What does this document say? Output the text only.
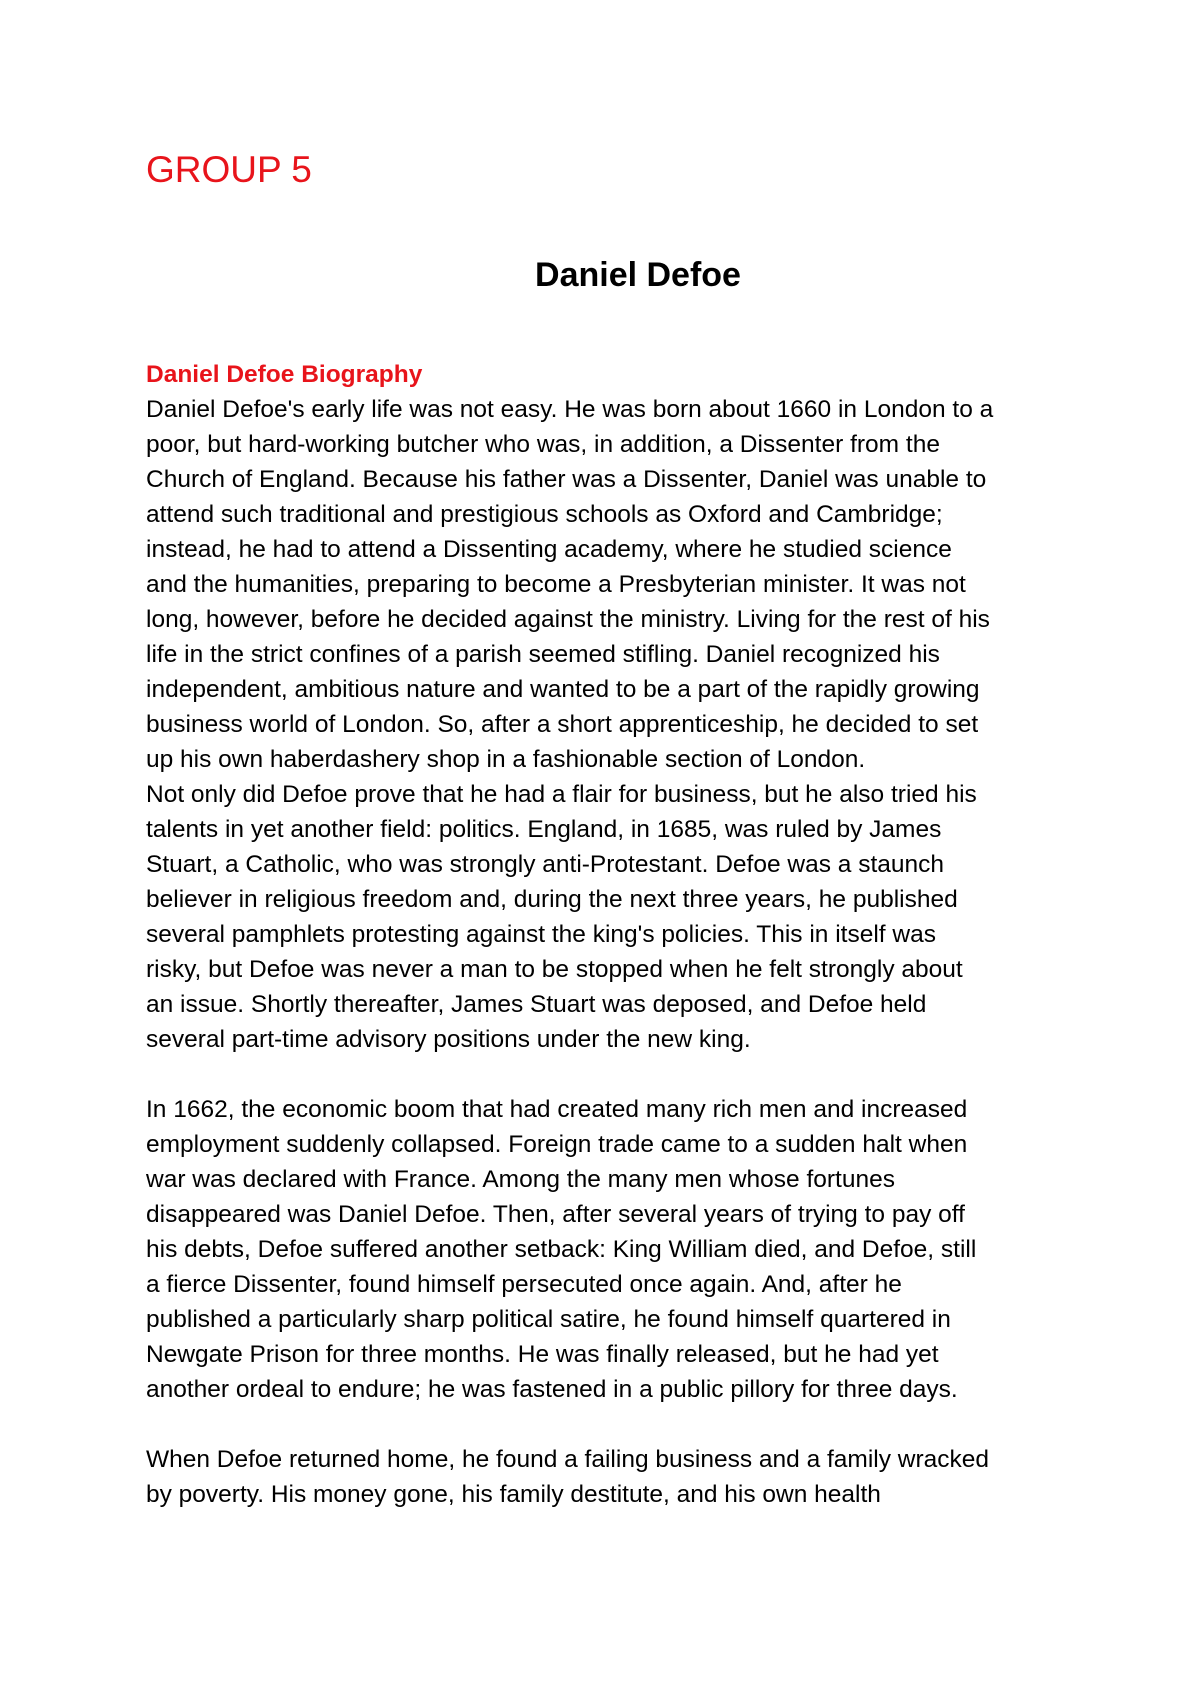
GROUP 5
Daniel Defoe
Daniel Defoe Biography
Daniel Defoe's early life was not easy. He was born about 1660 in London to a
poor, but hard-working butcher who was, in addition, a Dissenter from the
Church of England. Because his father was a Dissenter, Daniel was unable to
attend such traditional and prestigious schools as Oxford and Cambridge;
instead, he had to attend a Dissenting academy, where he studied science
and the humanities, preparing to become a Presbyterian minister. It was not
long, however, before he decided against the ministry. Living for the rest of his
life in the strict confines of a parish seemed stifling. Daniel recognized his
independent, ambitious nature and wanted to be a part of the rapidly growing
business world of London. So, after a short apprenticeship, he decided to set
up his own haberdashery shop in a fashionable section of London.
Not only did Defoe prove that he had a flair for business, but he also tried his
talents in yet another field: politics. England, in 1685, was ruled by James
Stuart, a Catholic, who was strongly anti-Protestant. Defoe was a staunch
believer in religious freedom and, during the next three years, he published
several pamphlets protesting against the king's policies. This in itself was
risky, but Defoe was never a man to be stopped when he felt strongly about
an issue. Shortly thereafter, James Stuart was deposed, and Defoe held
several part-time advisory positions under the new king.
In 1662, the economic boom that had created many rich men and increased
employment suddenly collapsed. Foreign trade came to a sudden halt when
war was declared with France. Among the many men whose fortunes
disappeared was Daniel Defoe. Then, after several years of trying to pay off
his debts, Defoe suffered another setback: King William died, and Defoe, still
a fierce Dissenter, found himself persecuted once again. And, after he
published a particularly sharp political satire, he found himself quartered in
Newgate Prison for three months. He was finally released, but he had yet
another ordeal to endure; he was fastened in a public pillory for three days.
When Defoe returned home, he found a failing business and a family wracked
by poverty. His money gone, his family destitute, and his own health
